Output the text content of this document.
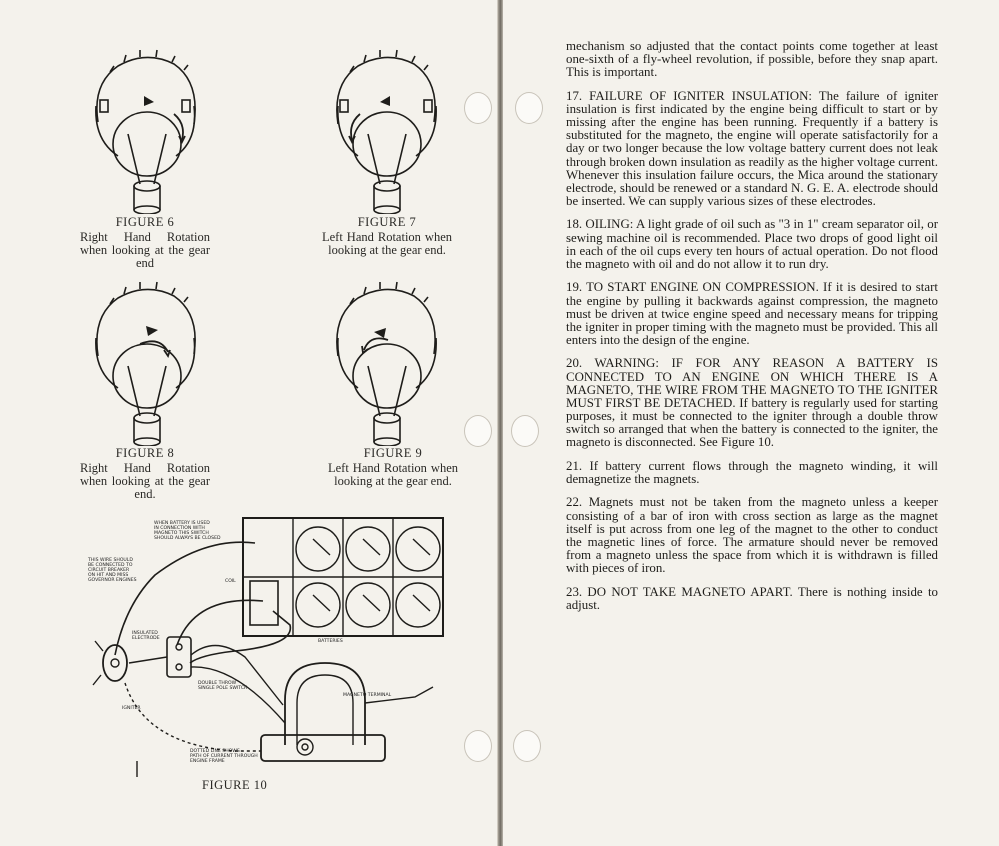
FIGURE 6
Right Hand Rotation when looking at the gear end
FIGURE 7
Left Hand Rotation when looking at the gear end.
FIGURE 8
Right Hand Rotation when looking at the gear end.
FIGURE 9
Left Hand Rotation when looking at the gear end.
WHEN BATTERY IS USED
IN CONNECTION WITH
MAGNETO THIS SWITCH
SHOULD ALWAYS BE CLOSED
THIS WIRE SHOULD
BE CONNECTED TO
CIRCUIT BREAKER
ON HIT AND MISS
GOVERNOR ENGINES	COIL
INSULATED
ELECTRODE
BATTERIES
DOUBLE THROW
SINGLE POLE SWITCH
MAGNETO TERMINAL
IGNITER
DOTTED LINE SHOWS
PATH OF CURRENT THROUGH
ENGINE FRAME
FIGURE 10

mechanism so adjusted that the contact points come together at least one-sixth of a fly-wheel revolution, if possible, before they snap apart. This is important.

17. FAILURE OF IGNITER INSULATION: The failure of igniter insulation is first indicated by the engine being difficult to start or by missing after the engine has been running. Frequently if a battery is substituted for the magneto, the engine will operate satisfactorily for a day or two longer because the low voltage battery current does not leak through broken down insulation as readily as the higher voltage current. Whenever this insulation failure occurs, the Mica around the stationary electrode, should be renewed or a standard N. G. E. A. electrode should be inserted. We can supply various sizes of these electrodes.

18. OILING: A light grade of oil such as "3 in 1" cream separator oil, or sewing machine oil is recommended. Place two drops of good light oil in each of the oil cups every ten hours of actual operation. Do not flood the magneto with oil and do not allow it to run dry.

19. TO START ENGINE ON COMPRESSION. If it is desired to start the engine by pulling it backwards against compression, the magneto must be driven at twice engine speed and necessary means for tripping the igniter in proper timing with the magneto must be provided. This all enters into the design of the engine.

20. WARNING: IF FOR ANY REASON A BATTERY IS CONNECTED TO AN ENGINE ON WHICH THERE IS A MAGNETO, THE WIRE FROM THE MAGNETO TO THE IGNITER MUST FIRST BE DETACHED. If battery is regularly used for starting purposes, it must be connected to the igniter through a double throw switch so arranged that when the battery is connected to the igniter, the magneto is disconnected. See Figure 10.

21. If battery current flows through the magneto winding, it will demagnetize the magnets.

22. Magnets must not be taken from the magneto unless a keeper consisting of a bar of iron with cross section as large as the magnet itself is put across from one leg of the magnet to the other to conduct the magnetic lines of force. The armature should never be removed from a magneto unless the space from which it is withdrawn is filled with pieces of iron.

23. DO NOT TAKE MAGNETO APART. There is nothing inside to adjust.
